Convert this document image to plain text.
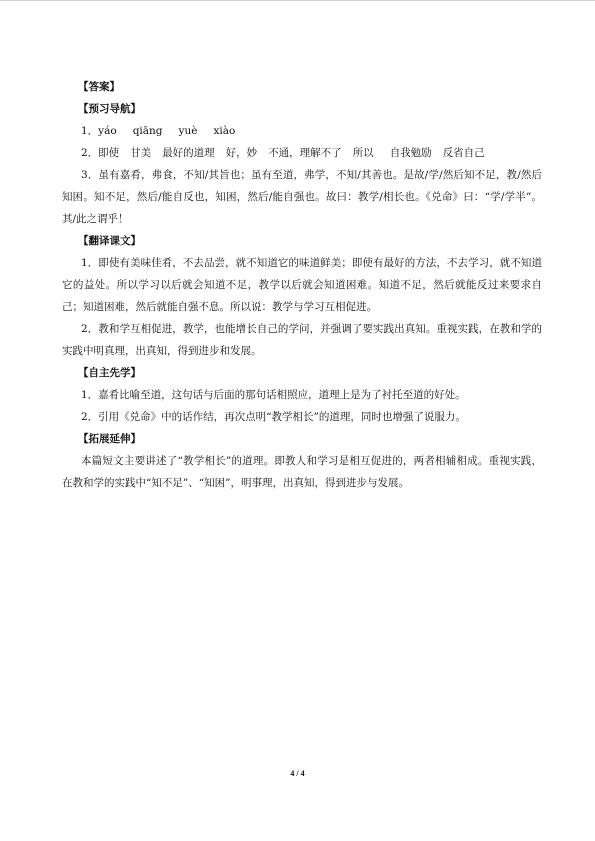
【答案】
【预习导航】
1．yáo qiāng yuè xiào
2．即使 甘美 最好的道理 好，妙 不通，理解不了 所以 自我勉励 反省自己
3．虽有嘉肴，弗食，不知/其旨也；虽有至道，弗学，不知/其善也。是故/学/然后知不足，教/然后知困。知不足，然后/能自反也，知困，然后/能自强也。故曰：教学/相长也。《兑命》曰：“学/学半”。其/此之谓乎！
【翻译课文】
1．即使有美味佳肴，不去品尝，就不知道它的味道鲜美；即使有最好的方法，不去学习，就不知道它的益处。所以学习以后就会知道不足，教学以后就会知道困难。知道不足，然后就能反过来要求自己；知道困难，然后就能自强不息。所以说：教学与学习互相促进。
2．教和学互相促进，教学，也能增长自己的学问，并强调了要实践出真知。重视实践，在教和学的实践中明真理，出真知，得到进步和发展。
【自主先学】
1．嘉肴比喻至道，这句话与后面的那句话相照应，道理上是为了衬托至道的好处。
2．引用《兑命》中的话作结，再次点明“教学相长”的道理，同时也增强了说服力。
【拓展延伸】
本篇短文主要讲述了“教学相长”的道理。即教人和学习是相互促进的，两者相辅相成。重视实践，在教和学的实践中“知不足”、“知困”，明事理，出真知，得到进步与发展。
4 / 4
